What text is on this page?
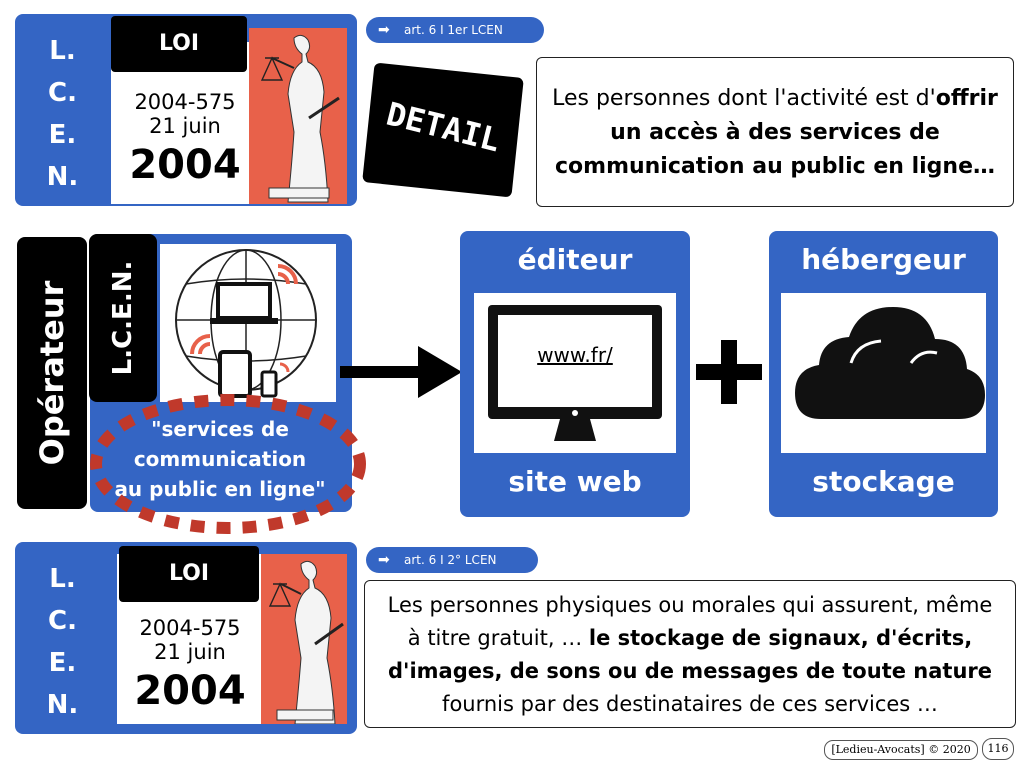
L.
C.
E.
N.
2004-575
21 juin
2004
LOI
➡ art. 6 I 1er LCEN
DETAIL	Les personnes dont l'activité est d'offrir
un accès à des services de
communication au public en ligne…
Opérateur	"services de
communication
au public en ligne"
L.C.E.N.
éditeur
www.fr/
site web
hébergeur
stockage
L.
C.
E.
N.
2004-575
21 juin
2004
LOI
➡ art. 6 I 2° LCEN
Les personnes physiques ou morales qui assurent, même
à titre gratuit, … le stockage de signaux, d'écrits,
d'images, de sons ou de messages de toute nature
fournis par des destinataires de ces services …
[Ledieu-Avocats] © 2020	116
